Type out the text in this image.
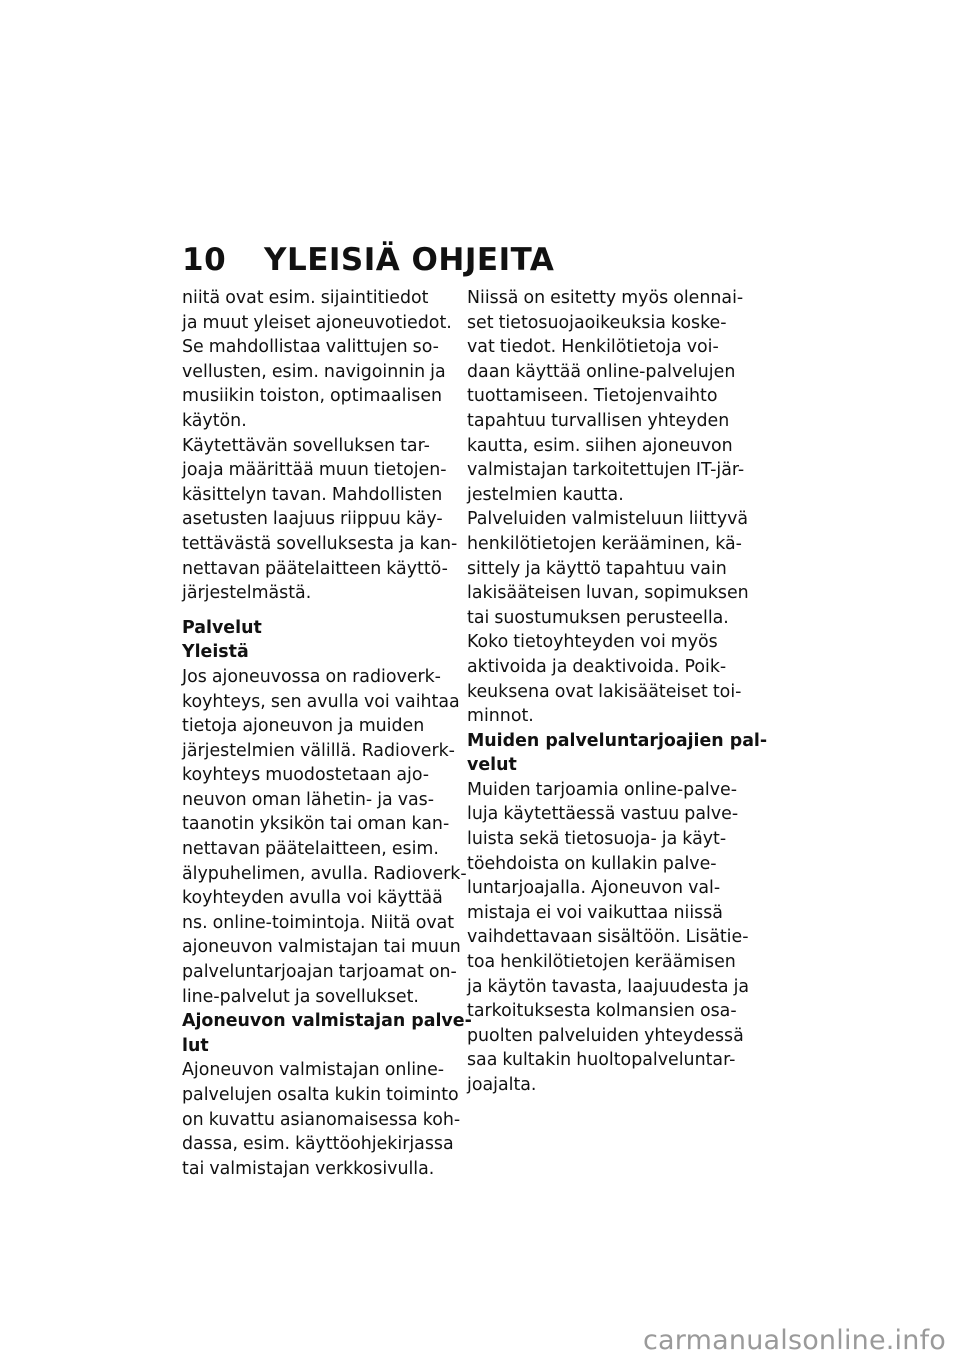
10	YLEISIÄ OHJEITA

niitä ovat esim. sijaintitiedot
ja muut yleiset ajoneuvotiedot.
Se mahdollistaa valittujen so-
vellusten, esim. navigoinnin ja
musiikin toiston, optimaalisen
käytön.

Käytettävän sovelluksen tar-
joaja määrittää muun tietojen-
käsittelyn tavan. Mahdollisten
asetusten laajuus riippuu käy-
tettävästä sovelluksesta ja kan-
nettavan päätelaitteen käyttö-
järjestelmästä.

Palvelut

Yleistä

Jos ajoneuvossa on radioverk-
koyhteys, sen avulla voi vaihtaa
tietoja ajoneuvon ja muiden
järjestelmien välillä. Radioverk-
koyhteys muodostetaan ajo-
neuvon oman lähetin- ja vas-
taanotin yksikön tai oman kan-
nettavan päätelaitteen, esim.
älypuhelimen, avulla. Radioverk-
koyhteyden avulla voi käyttää
ns. online-toimintoja. Niitä ovat
ajoneuvon valmistajan tai muun
palveluntarjoajan tarjoamat on-
line-palvelut ja sovellukset.

Ajoneuvon valmistajan palve-
lut

Ajoneuvon valmistajan online-
palvelujen osalta kukin toiminto
on kuvattu asianomaisessa koh-
dassa, esim. käyttöohjekirjassa
tai valmistajan verkkosivulla.

Niissä on esitetty myös olennai-
set tietosuojaoikeuksia koske-
vat tiedot. Henkilötietoja voi-
daan käyttää online-palvelujen
tuottamiseen. Tietojenvaihto
tapahtuu turvallisen yhteyden
kautta, esim. siihen ajoneuvon
valmistajan tarkoitettujen IT-jär-
jestelmien kautta.

Palveluiden valmisteluun liittyvä
henkilötietojen kerääminen, kä-
sittely ja käyttö tapahtuu vain
lakisääteisen luvan, sopimuksen
tai suostumuksen perusteella.
Koko tietoyhteyden voi myös
aktivoida ja deaktivoida. Poik-
keuksena ovat lakisääteiset toi-
minnot.

Muiden palveluntarjoajien pal-
velut

Muiden tarjoamia online-palve-
luja käytettäessä vastuu palve-
luista sekä tietosuoja- ja käyt-
töehdoista on kullakin palve-
luntarjoajalla. Ajoneuvon val-
mistaja ei voi vaikuttaa niissä
vaihdettavaan sisältöön. Lisätie-
toa henkilötietojen keräämisen
ja käytön tavasta, laajuudesta ja
tarkoituksesta kolmansien osa-
puolten palveluiden yhteydessä
saa kultakin huoltopalveluntar-
joajalta.

carmanualsonline.info
